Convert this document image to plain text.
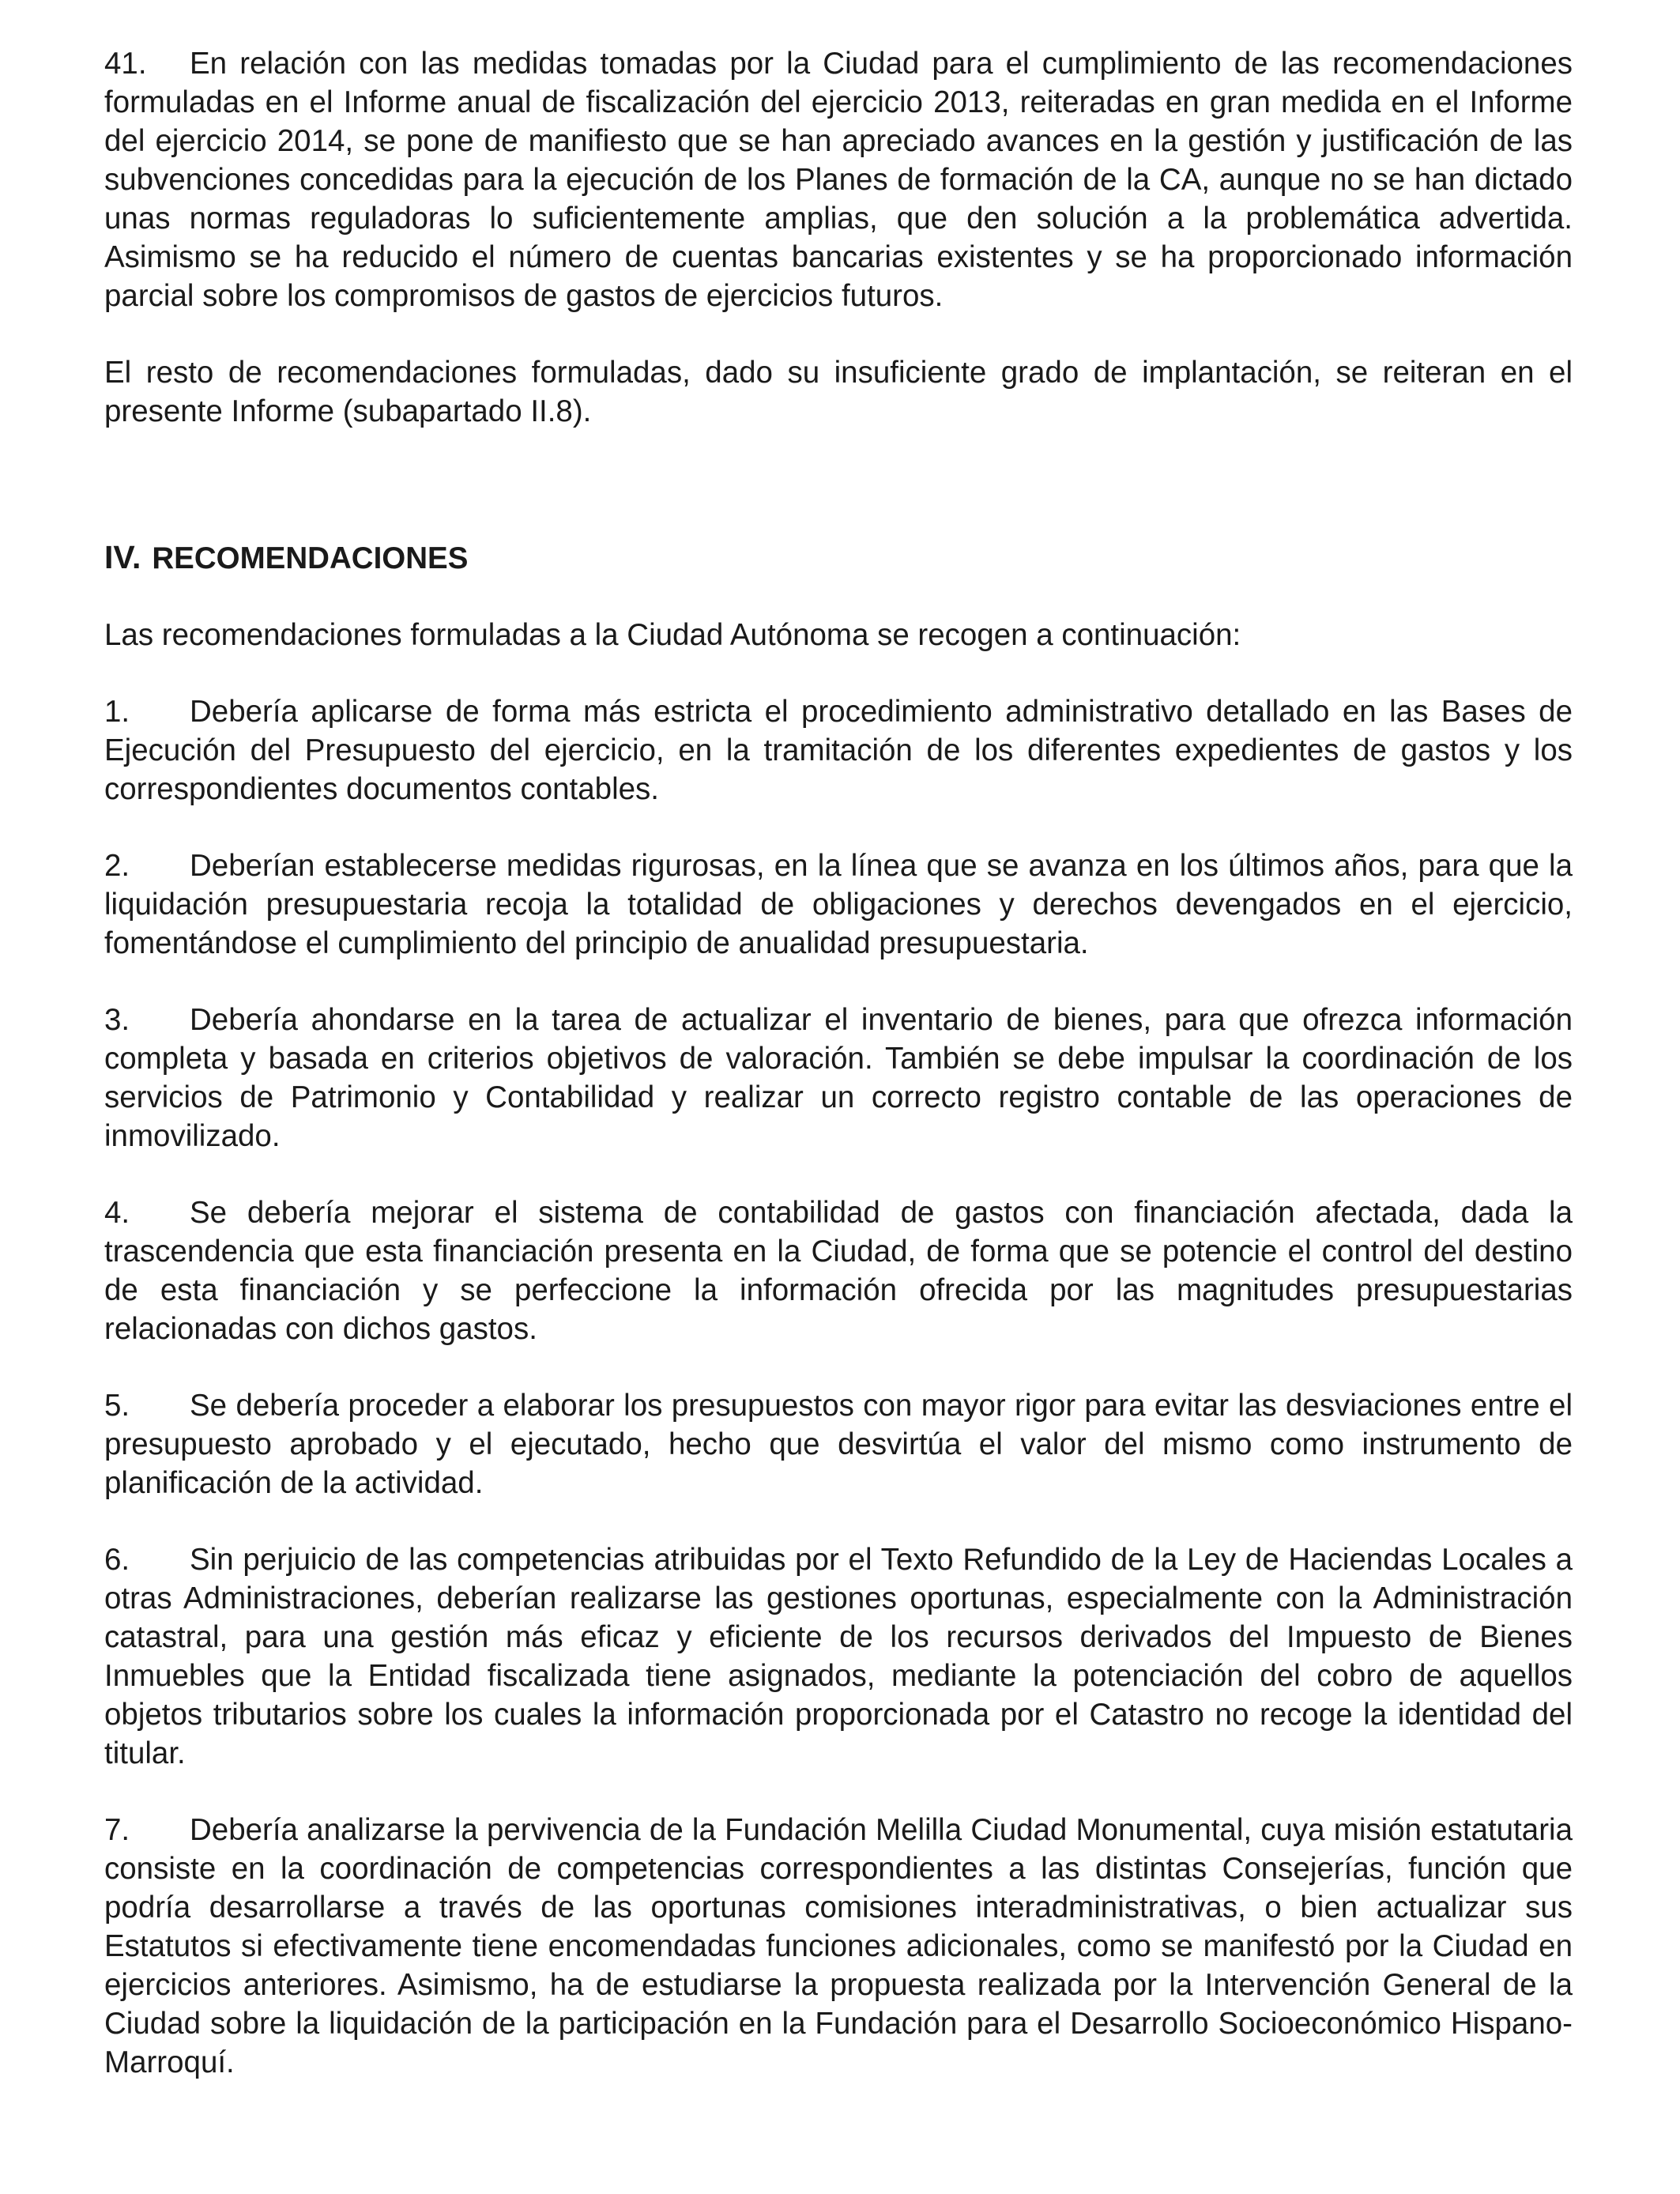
41. En relación con las medidas tomadas por la Ciudad para el cumplimiento de las recomendaciones formuladas en el Informe anual de fiscalización del ejercicio 2013, reiteradas en gran medida en el Informe del ejercicio 2014, se pone de manifiesto que se han apreciado avances en la gestión y justificación de las subvenciones concedidas para la ejecución de los Planes de formación de la CA, aunque no se han dictado unas normas reguladoras lo suficientemente amplias, que den solución a la problemática advertida. Asimismo se ha reducido el número de cuentas bancarias existentes y se ha proporcionado información parcial sobre los compromisos de gastos de ejercicios futuros.

El resto de recomendaciones formuladas, dado su insuficiente grado de implantación, se reiteran en el presente Informe (subapartado II.8).

IV. RECOMENDACIONES

Las recomendaciones formuladas a la Ciudad Autónoma se recogen a continuación:

1. Debería aplicarse de forma más estricta el procedimiento administrativo detallado en las Bases de Ejecución del Presupuesto del ejercicio, en la tramitación de los diferentes expedientes de gastos y los correspondientes documentos contables.

2. Deberían establecerse medidas rigurosas, en la línea que se avanza en los últimos años, para que la liquidación presupuestaria recoja la totalidad de obligaciones y derechos devengados en el ejercicio, fomentándose el cumplimiento del principio de anualidad presupuestaria.

3. Debería ahondarse en la tarea de actualizar el inventario de bienes, para que ofrezca información completa y basada en criterios objetivos de valoración. También se debe impulsar la coordinación de los servicios de Patrimonio y Contabilidad y realizar un correcto registro contable de las operaciones de inmovilizado.

4. Se debería mejorar el sistema de contabilidad de gastos con financiación afectada, dada la trascendencia que esta financiación presenta en la Ciudad, de forma que se potencie el control del destino de esta financiación y se perfeccione la información ofrecida por las magnitudes presupuestarias relacionadas con dichos gastos.

5. Se debería proceder a elaborar los presupuestos con mayor rigor para evitar las desviaciones entre el presupuesto aprobado y el ejecutado, hecho que desvirtúa el valor del mismo como instrumento de planificación de la actividad.

6. Sin perjuicio de las competencias atribuidas por el Texto Refundido de la Ley de Haciendas Locales a otras Administraciones, deberían realizarse las gestiones oportunas, especialmente con la Administración catastral, para una gestión más eficaz y eficiente de los recursos derivados del Impuesto de Bienes Inmuebles que la Entidad fiscalizada tiene asignados, mediante la potenciación del cobro de aquellos objetos tributarios sobre los cuales la información proporcionada por el Catastro no recoge la identidad del titular.

7. Debería analizarse la pervivencia de la Fundación Melilla Ciudad Monumental, cuya misión estatutaria consiste en la coordinación de competencias correspondientes a las distintas Consejerías, función que podría desarrollarse a través de las oportunas comisiones interadministrativas, o bien actualizar sus Estatutos si efectivamente tiene encomendadas funciones adicionales, como se manifestó por la Ciudad en ejercicios anteriores. Asimismo, ha de estudiarse la propuesta realizada por la Intervención General de la Ciudad sobre la liquidación de la participación en la Fundación para el Desarrollo Socioeconómico Hispano-Marroquí.
